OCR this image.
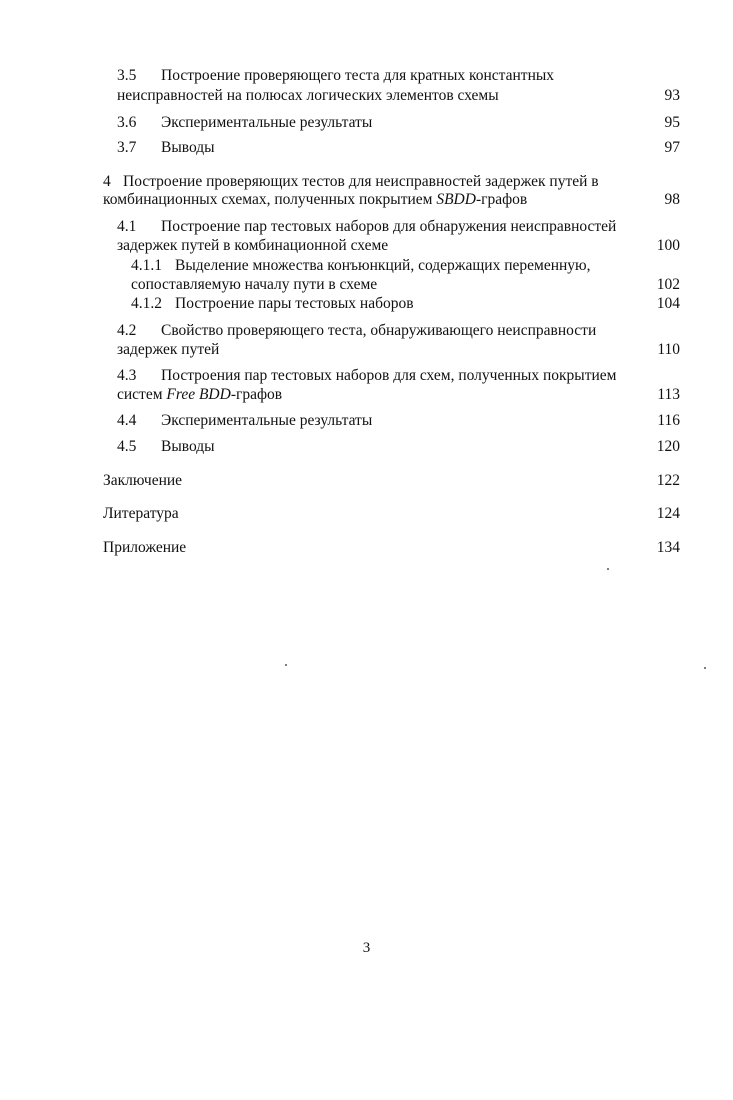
3.5 Построение проверяющего теста для кратных константных
неисправностей на полюсах логических элементов схемы	93
3.6 Экспериментальные результаты	95
3.7 Выводы	97
4 Построение проверяющих тестов для неисправностей задержек путей в
комбинационных схемах, полученных покрытием SBDD-графов	98
4.1 Построение пар тестовых наборов для обнаружения неисправностей
задержек путей в комбинационной схеме	100
4.1.1 Выделение множества конъюнкций, содержащих переменную,
сопоставляемую началу пути в схеме	102
4.1.2 Построение пары тестовых наборов	104
4.2 Свойство проверяющего теста, обнаруживающего неисправности
задержек путей	110
4.3 Построения пар тестовых наборов для схем, полученных покрытием
систем Free BDD-графов	113
4.4 Экспериментальные результаты	116
4.5 Выводы	120
Заключение	122
Литература	124
Приложение	134
3
